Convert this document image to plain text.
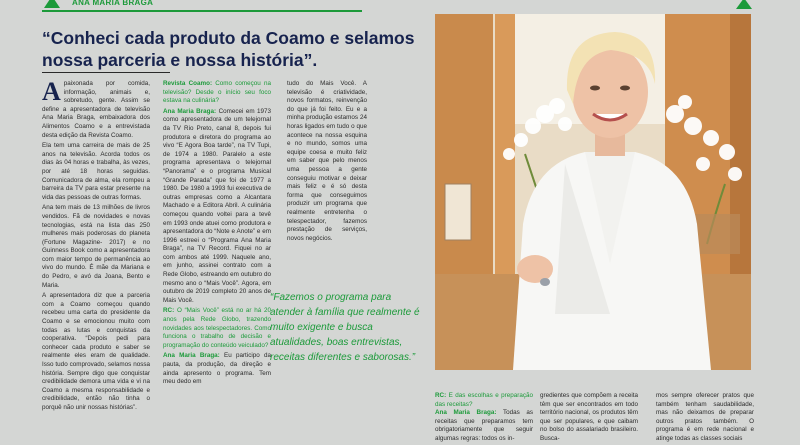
ANA MARIA BRAGA
“Conheci cada produto da Coamo e selamos nossa parceria e nossa história”.
A paixonada por comida, informação, animais e, sobretudo, gente. Assim se define a apresentadora de televisão Ana Maria Braga, embaixadora dos Alimentos Coamo e a entrevistada desta edição da Revista Coamo.

Ela tem uma carreira de mais de 25 anos na televisão. Acorda todos os dias às 04 horas e trabalha, às vezes, por até 18 horas seguidas. Comunicadora de alma, ela rompeu a barreira da TV para estar presente na vida das pessoas de outras formas.

Ana tem mais de 13 milhões de livros vendidos. Fã de novidades e novas tecnologias, está na lista das 250 mulheres mais poderosas do planeta (Fortune Magazine- 2017) e no Guinness Book como a apresentadora com maior tempo de permanência ao vivo do mundo. É mãe da Mariana e do Pedro, e avó da Joana, Bento e Maria.

A apresentadora diz que a parceria com a Coamo começou quando recebeu uma carta do presidente da Coamo e se emocionou muito com todas as lutas e conquistas da cooperativa. “Depois pedi para conhecer cada produto e saber se realmente eles eram de qualidade. Isso tudo comprovado, selamos nossa história. Sempre digo que conquistar credibilidade demora uma vida e vi na Coamo a mesma responsabilidade e credibilidade, então não tinha o porquê não unir nossas histórias”.

Revista Coamo: Como começou na televisão? Desde o início seu foco estava na culinária?

Ana Maria Braga: Comecei em 1973 como apresentadora de um telejornal da TV Rio Preto, canal 8, depois fui produtora e diretora do programa ao vivo “E Agora Boa tarde”, na TV Tupi, de 1974 a 1980. Paralelo a este programa apresentava o telejornal “Panorama” e o programa Musical “Grande Parada” que foi de 1977 a 1980. De 1980 a 1993 fui executiva de outras empresas como a Alcantara Machado e a Editora Abril. A culinária começou quando voltei para a tevê em 1993 onde atuei como produtora e apresentadora do “Note e Anote” e em 1996 estreei o “Programa Ana Maria Braga”, na TV Record. Fiquei no ar com ambos até 1999. Naquele ano, em junho, assinei contrato com a Rede Globo, estreando em outubro do mesmo ano o “Mais Você”. Agora, em outubro de 2019 completo 20 anos de Mais Você.

RC: O “Mais Você” está no ar há 20 anos pela Rede Globo, trazendo novidades aos telespectadores. Como funciona o trabalho de decisão e programação do conteúdo veiculado?

Ana Maria Braga: Eu participo da pauta, da produção, da direção e ainda apresento o programa. Tem meu dedo em

tudo do Mais Você. A televisão é criatividade, novos formatos, reinvenção do que já foi feito. Eu e a minha produção estamos 24 horas ligados em tudo o que acontece na nossa esquina e no mundo, somos uma equipe coesa e muito feliz em saber que pelo menos uma pessoa a gente conseguiu motivar e deixar mais feliz e é só desta forma que conseguimos produzir um programa que realmente entretenha o telespectador, fazemos prestação de serviços, novos negócios.

“Fazemos o programa para atender à família que realmente é muito exigente e busca atualidades, boas entrevistas, receitas diferentes e saborosas.”
RC: E das escolhas e preparação das receitas?
Ana Maria Braga: Todas as receitas que preparamos tem obrigatoriamente que seguir algumas regras: todos os in-
gredientes que compõem a receita têm que ser encontrados em todo território nacional, os produtos têm que ser populares, e que caibam no bolso do assalariado brasileiro. Busca-
mos sempre oferecer pratos que também tenham saudabilidade, mas não deixamos de preparar outros pratos também. O programa é em rede nacional e atinge todas as classes sociais
